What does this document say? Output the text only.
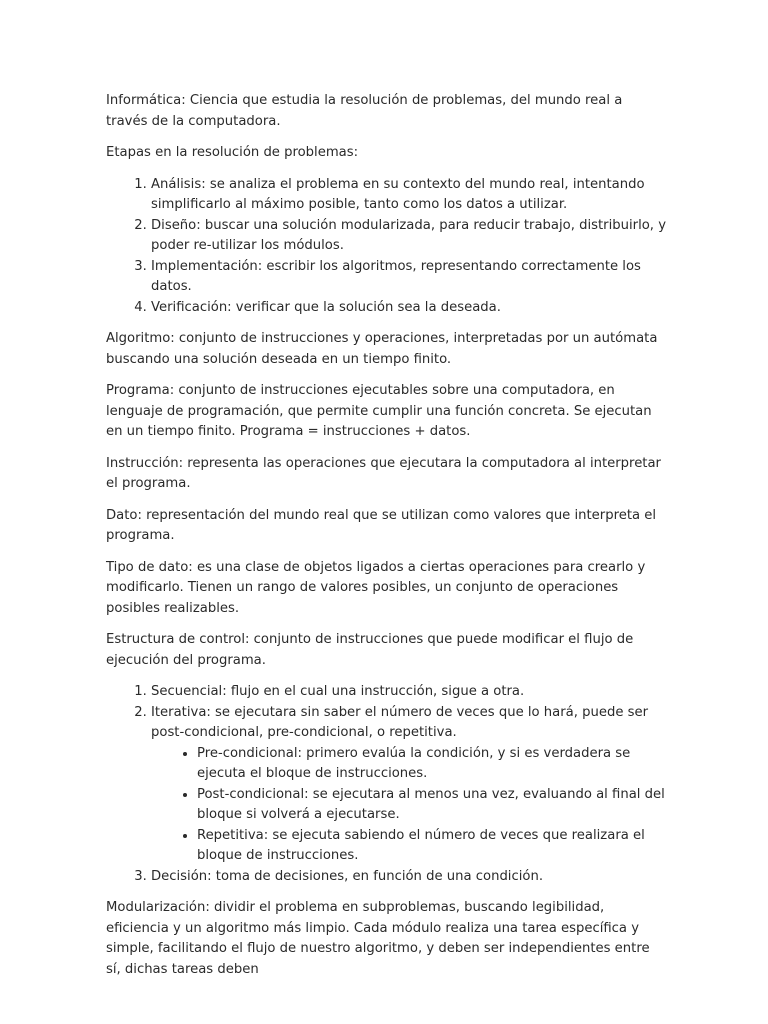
Informática: Ciencia que estudia la resolución de problemas, del mundo real a través de la computadora.

Etapas en la resolución de problemas:

1. Análisis: se analiza el problema en su contexto del mundo real, intentando simplificarlo al máximo posible, tanto como los datos a utilizar.
2. Diseño: buscar una solución modularizada, para reducir trabajo, distribuirlo, y poder re-utilizar los módulos.
3. Implementación: escribir los algoritmos, representando correctamente los datos.
4. Verificación: verificar que la solución sea la deseada.

Algoritmo: conjunto de instrucciones y operaciones, interpretadas por un autómata buscando una solución deseada en un tiempo finito.

Programa: conjunto de instrucciones ejecutables sobre una computadora, en lenguaje de programación, que permite cumplir una función concreta. Se ejecutan en un tiempo finito. Programa = instrucciones + datos.

Instrucción: representa las operaciones que ejecutara la computadora al interpretar el programa.

Dato: representación del mundo real que se utilizan como valores que interpreta el programa.

Tipo de dato: es una clase de objetos ligados a ciertas operaciones para crearlo y modificarlo. Tienen un rango de valores posibles, un conjunto de operaciones posibles realizables.

Estructura de control: conjunto de instrucciones que puede modificar el flujo de ejecución del programa.

1. Secuencial: flujo en el cual una instrucción, sigue a otra.
2. Iterativa: se ejecutara sin saber el número de veces que lo hará, puede ser post-condicional, pre-condicional, o repetitiva.
• Pre-condicional: primero evalúa la condición, y si es verdadera se ejecuta el bloque de instrucciones.
• Post-condicional: se ejecutara al menos una vez, evaluando al final del bloque si volverá a ejecutarse.
• Repetitiva: se ejecuta sabiendo el número de veces que realizara el bloque de instrucciones.
3. Decisión: toma de decisiones, en función de una condición.

Modularización: dividir el problema en subproblemas, buscando legibilidad, eficiencia y un algoritmo más limpio. Cada módulo realiza una tarea específica y simple, facilitando el flujo de nuestro algoritmo, y deben ser independientes entre sí, dichas tareas deben
